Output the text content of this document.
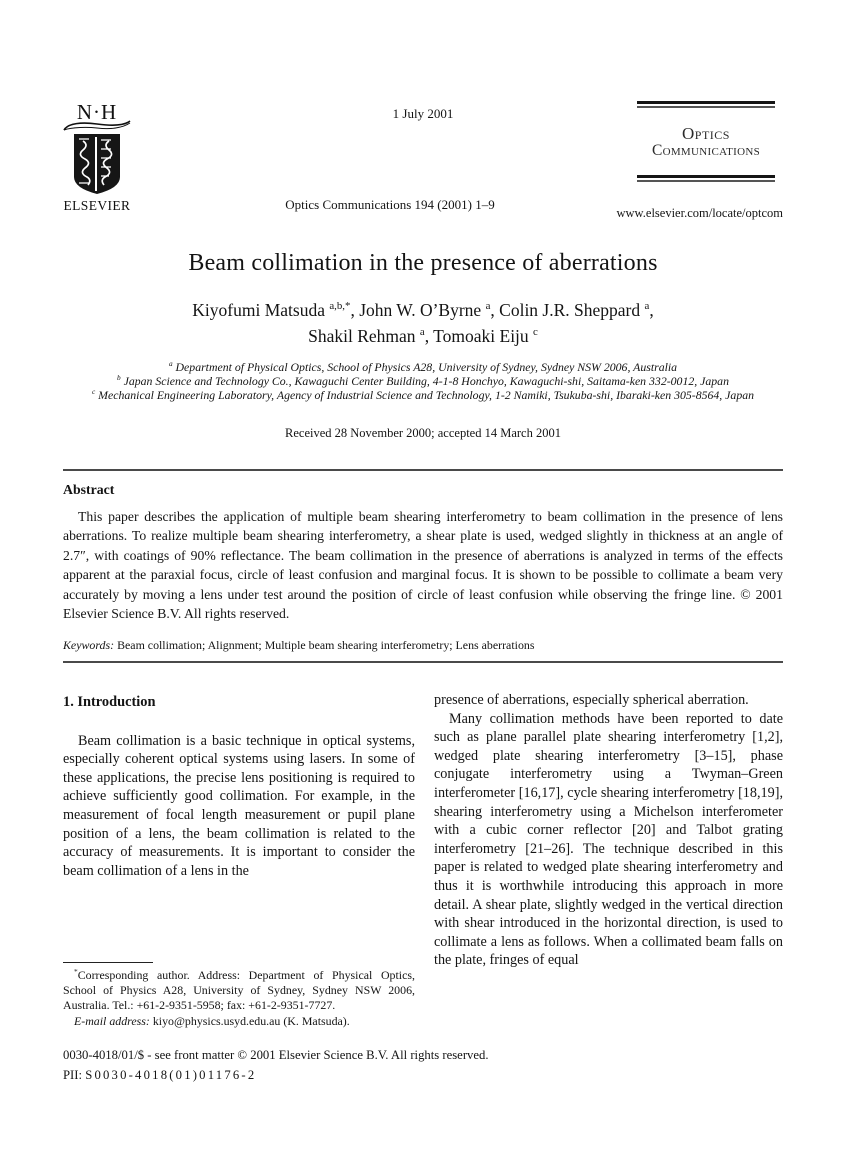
N·H
ELSEVIER
1 July 2001
Optics Communications 194 (2001) 1–9
Optics
Communications
www.elsevier.com/locate/optcom
Beam collimation in the presence of aberrations
Kiyofumi Matsuda $^{a,b,*}$, John W. O’Byrne $^a$, Colin J.R. Sheppard $^a$,
Shakil Rehman $^a$, Tomoaki Eiju $^c$
$^a$ Department of Physical Optics, School of Physics A28, University of Sydney, Sydney NSW 2006, Australia
$^b$ Japan Science and Technology Co., Kawaguchi Center Building, 4-1-8 Honchyo, Kawaguchi-shi, Saitama-ken 332-0012, Japan
$^c$ Mechanical Engineering Laboratory, Agency of Industrial Science and Technology, 1-2 Namiki, Tsukuba-shi, Ibaraki-ken 305-8564, Japan
Received 28 November 2000; accepted 14 March 2001
Abstract
This paper describes the application of multiple beam shearing interferometry to beam collimation in the presence of lens aberrations. To realize multiple beam shearing interferometry, a shear plate is used, wedged slightly in thickness at an angle of 2.7″, with coatings of 90% reflectance. The beam collimation in the presence of aberrations is analyzed in terms of the effects apparent at the paraxial focus, circle of least confusion and marginal focus. It is shown to be possible to collimate a beam very accurately by moving a lens under test around the position of circle of least confusion while observing the fringe line. © 2001 Elsevier Science B.V. All rights reserved.
Keywords: Beam collimation; Alignment; Multiple beam shearing interferometry; Lens aberrations
1. Introduction

Beam collimation is a basic technique in optical systems, especially coherent optical systems using lasers. In some of these applications, the precise lens positioning is required to achieve sufficiently good collimation. For example, in the measurement of focal length measurement or pupil plane position of a lens, the beam collimation is related to the accuracy of measurements. It is important to consider the beam collimation of a lens in the

*Corresponding author. Address: Department of Physical Optics, School of Physics A28, University of Sydney, Sydney NSW 2006, Australia. Tel.: +61-2-9351-5958; fax: +61-2-9351-7727.

E-mail address: kiyo@physics.usyd.edu.au (K. Matsuda).

presence of aberrations, especially spherical aberration.

Many collimation methods have been reported to date such as plane parallel plate shearing interferometry [1,2], wedged plate shearing interferometry [3–15], phase conjugate interferometry using a Twyman–Green interferometer [16,17], cycle shearing interferometry [18,19], shearing interferometry using a Michelson interferometer with a cubic corner reflector [20] and Talbot grating interferometry [21–26]. The technique described in this paper is related to wedged plate shearing interferometry and thus it is worthwhile introducing this approach in more detail. A shear plate, slightly wedged in the vertical direction with shear introduced in the horizontal direction, is used to collimate a lens as follows. When a collimated beam falls on the plate, fringes of equal

0030-4018/01/$ - see front matter © 2001 Elsevier Science B.V. All rights reserved.
PII: S0030-4018(01)01176-2
